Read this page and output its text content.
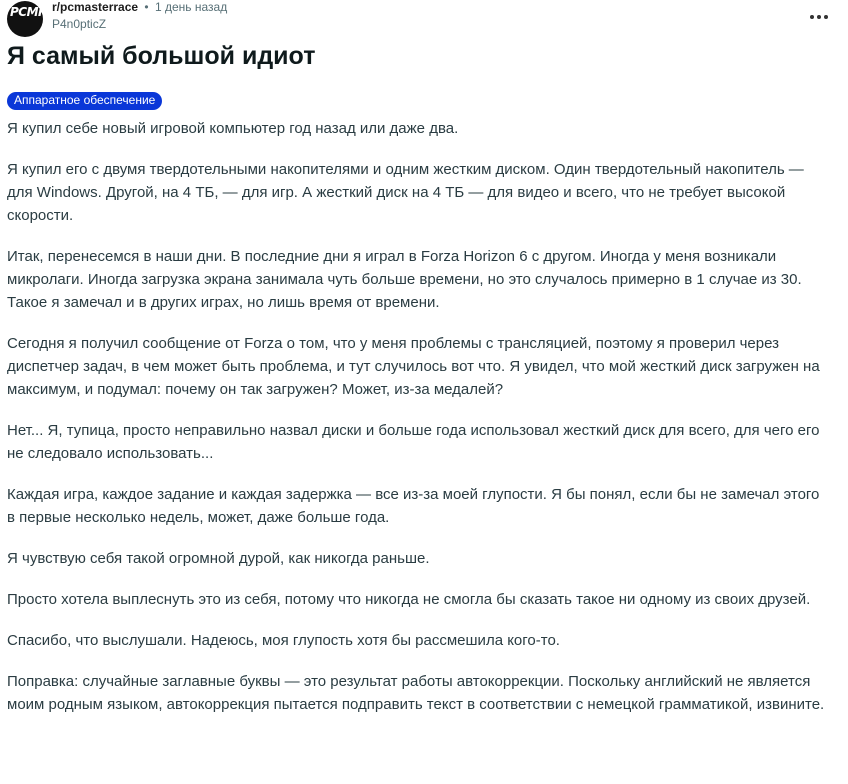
PCMR r/pcmasterrace • 1 день назад
P4n0pticZ
Я самый большой идиот
Аппаратное обеспечение

Я купил себе новый игровой компьютер год назад или даже два.

Я купил его с двумя твердотельными накопителями и одним жестким диском. Один твердотельный накопитель — для Windows. Другой, на 4 ТБ, — для игр. А жесткий диск на 4 ТБ — для видео и всего, что не требует высокой скорости.

Итак, перенесемся в наши дни. В последние дни я играл в Forza Horizon 6 с другом. Иногда у меня возникали микролаги. Иногда загрузка экрана занимала чуть больше времени, но это случалось примерно в 1 случае из 30. Такое я замечал и в других играх, но лишь время от времени.

Сегодня я получил сообщение от Forza о том, что у меня проблемы с трансляцией, поэтому я проверил через диспетчер задач, в чем может быть проблема, и тут случилось вот что. Я увидел, что мой жесткий диск загружен на максимум, и подумал: почему он так загружен? Может, из-за медалей?

Нет... Я, тупица, просто неправильно назвал диски и больше года использовал жесткий диск для всего, для чего его не следовало использовать...

Каждая игра, каждое задание и каждая задержка — все из-за моей глупости. Я бы понял, если бы не замечал этого в первые несколько недель, может, даже больше года.

Я чувствую себя такой огромной дурой, как никогда раньше.

Просто хотела выплеснуть это из себя, потому что никогда не смогла бы сказать такое ни одному из своих друзей.

Спасибо, что выслушали. Надеюсь, моя глупость хотя бы рассмешила кого-то.

Поправка: случайные заглавные буквы — это результат работы автокоррекции. Поскольку английский не является моим родным языком, автокоррекция пытается подправить текст в соответствии с немецкой грамматикой, извините.
